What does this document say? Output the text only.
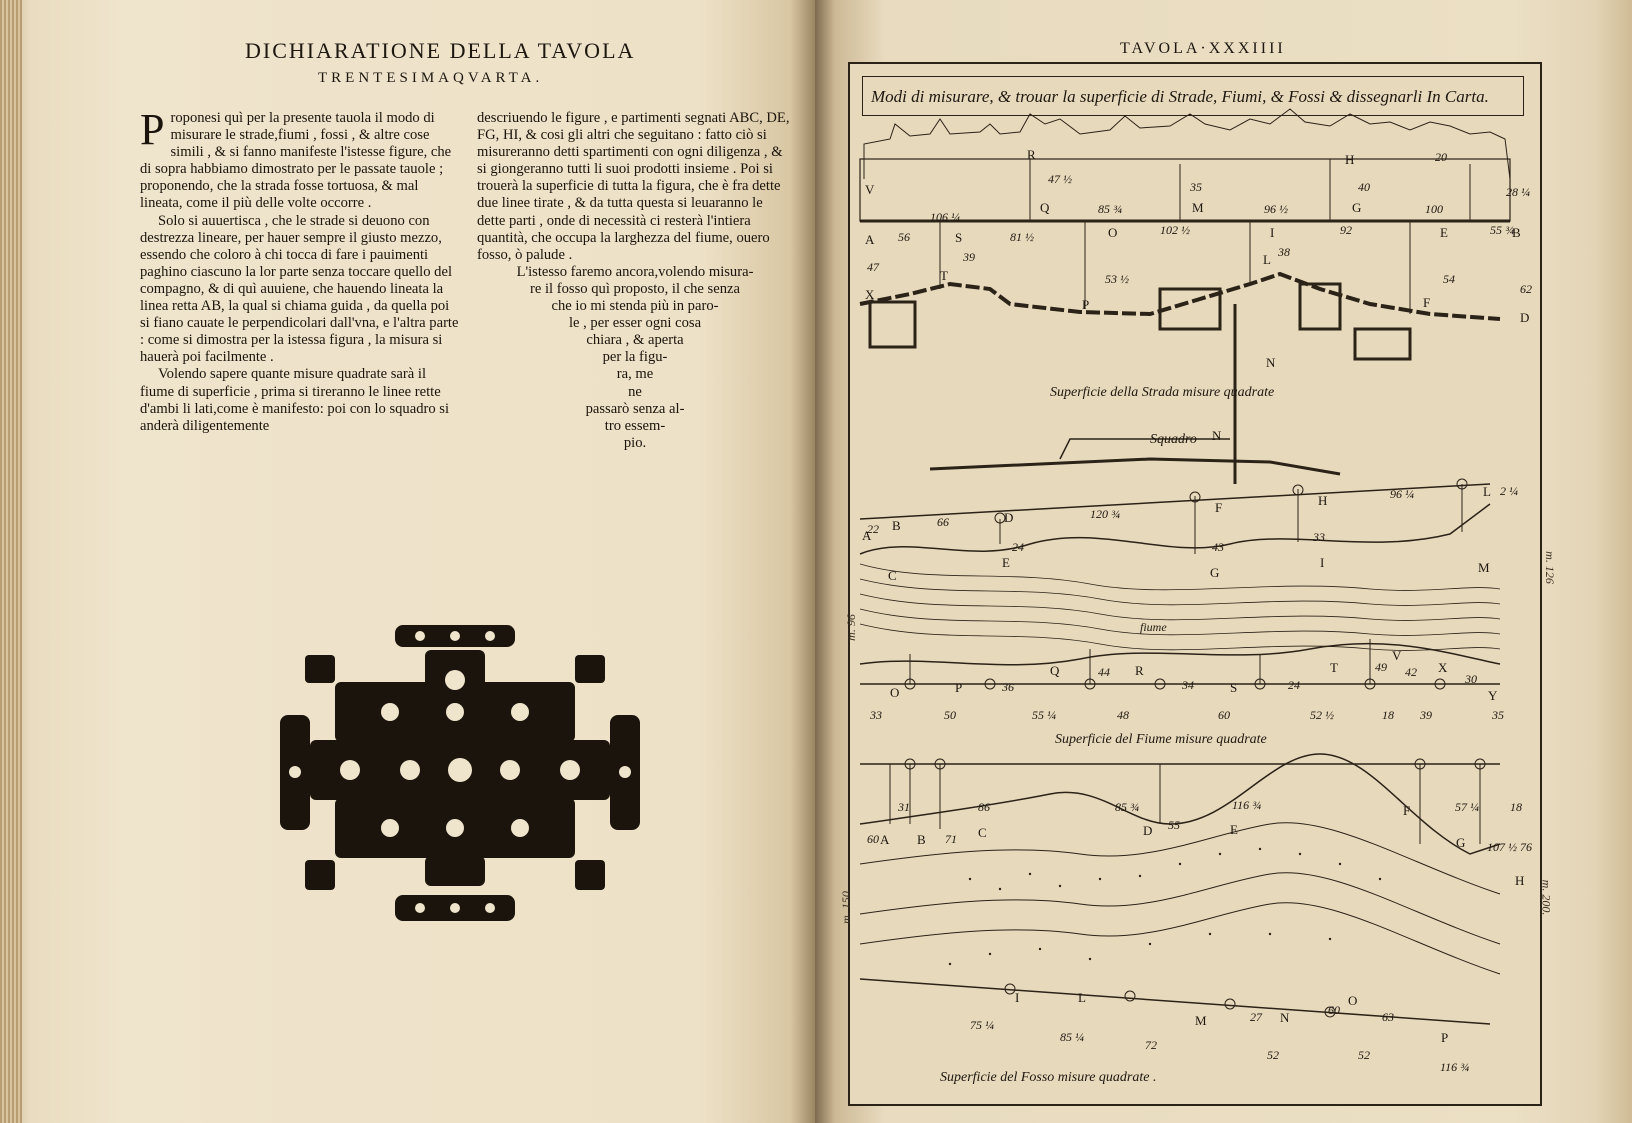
DICHIARATIONE DELLA TAVOLA
TRENTESIMAQVARTA.

Proponesi quì per la presente tauola il modo di misurare le strade,fiumi , fossi , & altre cose simili , & si fanno manifeste l'istesse figure, che di sopra habbiamo dimostrato per le passate tauole ; proponendo, che la strada fosse tortuosa, & mal lineata, come il più delle volte occorre .

Solo si auuertisca , che le strade si deuono con destrezza lineare, per hauer sempre il giusto mezzo, essendo che coloro à chi tocca di fare i pauimenti paghino ciascuno la lor parte senza toccare quello del compagno, & di quì auuiene, che hauendo lineata la linea retta AB, la qual si chiama guida , da quella poi si fiano cauate le perpendicolari dall'vna, e l'altra parte : come si dimostra per la istessa figura , la misura si hauerà poi facilmente .

Volendo sapere quante misure quadrate sarà il fiume di superficie , prima si tireranno le linee rette d'ambi li lati,come è manifesto: poi con lo squadro si anderà diligentemente

descriuendo le figure , e partimenti segnati ABC, DE, FG, HI, & cosi gli altri che seguitano : fatto ciò si misureranno detti spartimenti con ogni diligenza , & si giongeranno tutti li suoi prodotti insieme . Poi si trouerà la superficie di tutta la figura, che è fra dette due linee tirate , & da tutta questa si leuaranno le dette parti , onde di necessità ci resterà l'intiera quantità, che occupa la larghezza del fiume, ouero fosso, ò palude .

L'istesso faremo ancora,volendo misura-
re il fosso quì proposto, il che senza
che io mi stenda più in paro-
le , per esser ogni cosa
chiara , & aperta
per la figu-
ra, me
ne
passarò senza al-
tro essem-
pio.
TAVOLA·XXXIIII
Modi di misurare, & trouar la superficie di Strade, Fiumi, & Fossi & dissegnarli In Carta.
V
R
Q
O
M
I
H
G
E	B
A
X
T
S
P
L
F
D
N
106 ¼
47 ½
85 ¾
35
96 ½
40
100
28 ¼
56	81 ½	102 ½	92	55 ¾
47
39
53 ½
38
54
62
20
Superficie della Strada misure quadrate
Squadro
A
B
C
D
E
F
G
H
I
L
M
N
O	P
Q	R
S
T
V
X
Y
22	66
120 ¾
24	43
33
96 ¼	2 ¼
50	55 ¼	48	60	52 ½	18 39	35
44
34	24	30
49 42
36
33
fiume
Superficie del Fiume misure quadrate
A B	C	D	E
F
G
H
I	L
M	N
O
P
31	86	85 ¾	116 ¾	57 ¼	18
60	71
55
107 ½ 76
75 ¼
85 ¼
72
52	52
116 ¾
27	60	63
Superficie del Fosso misure quadrate .
m. 96
m. 126
m. 150	m. 200.
